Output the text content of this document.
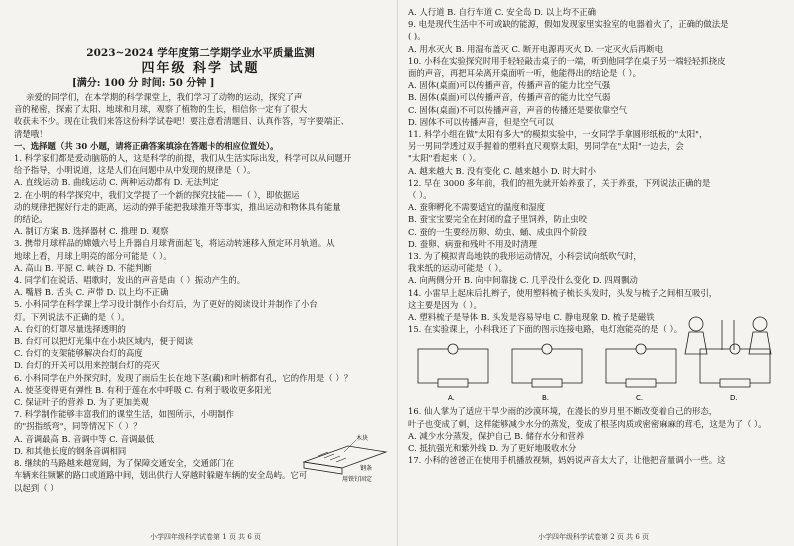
2023~2024 学年度第二学期学业水平质量监测
四年级 科学 试题
[满分: 100 分 时间: 50 分钟 ]
亲爱的同学们，在本学期的科学课堂上，我们学习了动物的运动，探究了声
音的秘密，探索了太阳、地球和月球，观察了植物的生长，相信你一定有了很大
收获未不少。现在让我们来答这份科学试卷吧！要注意看清题目、认真作答，写字要端正、
清楚哦！
一、选择题（共 30 小题，请将正确答案填涂在答题卡的相应位置处）。
1. 科学家们都是爱动脑筋的人，这是科学的前提，我们从生活实际出发，科学可以从问题开
给予指导，小明说道，这是人们在问题中从中发现的规律是（ ）。
A. 直线运动 B. 曲线运动 C. 两种运动都有 D. 无法判定
2. 在小明的科学探究中，我们文学提了一个新的探究技能——（ ），即依据运
动的规律把握好行走的距离，运动的弹手能把我球推开等事实，推出运动和物体具有能量
的结论。
A. 制订方案 B. 选择器材 C. 推理 D. 观察
3. 携带月球样品的嫦娥六号上升器自月球背面起飞，将运动转速移入预定环月轨道。从
地球上看，月球上明亮的部分可能是（ ）。
A. 高山 B. 平原 C. 峡谷 D. 不能判断
4. 同学们在说话、唱歌时，发出的声音是由（ ）振动产生的。
A. 嘴唇 B. 舌头 C. 声带 D. 以上均不正确
5. 小科同学在科学课上学习设计制作小台灯后，为了更好的阅读设计并制作了小台
灯。下列说法不正确的是（ ）。
A. 台灯的灯罩尽量选择透明的
B. 台灯可以把灯光集中在小块区域内，便于阅读
C. 台灯的支架能够解决台灯的高度
D. 台灯的开关可以用来控制台灯的亮灭
6. 小科同学在户外探究时，发现了雨后生长在地下茎(藕)和叶柄都有孔，它的作用是（ ）？
A. 使茎变得更有弹性 B. 有利于莲在水中呼吸 C. 有利于吸收更多阳光
C. 保证叶子的营养 D. 为了更加美观
7. 科学制作能够丰富我们的课堂生活，如图所示，小明制作
的"拐指纸弯"，同等情况下（ ）？
A. 音调最高 B. 音调中等 C. 音调最低
D. 和其他长度的钢条音调相同
8. 继续的马路越来越宽阔，为了保障交通安全，交通部门在
车辆来往频繁的路口或道路中间，划出供行人穿越时躲避车辆的安全岛屿。它可
以起到（ ）
木块
钢条
用铁钉固定
小学四年级科学试卷第 1 页 共 6 页
A. 人行道 B. 自行车道 C. 安全岛 D. 以上均不正确
9. 电是现代生活中不可或缺的能源，假如发现家里实验室的电器着火了，正确的做法是
( )。
A. 用水灭火 B. 用湿布盖灭 C. 断开电源再灭火 D. 一定灭火后再断电
10. 小科在实验探究时用手轻轻敲击桌子的一端，听到他同学在桌子另一端轻轻抓挠皮
面的声音，再把耳朵离开桌面听一听，他能得出的结论是（ ）。
A. 固体(桌面)可以传播声音，传播声音的能力比空气强
B. 固体(桌面)可以传播声音，传播声音的能力比空气弱
C. 固体(桌面)不可以传播声音，声音的传播还是要依靠空气
D. 固体不可以传播声音，但是空气可以
11. 科学小组在做"太阳有多大"的模拟实验中，一女同学手拿圆形纸板的"太阳"，
另一男同学透过双手握着的塑料直尺观察太阳，男同学在"太阳"一边去，会
"太阳"看起来（ ）。
A. 越来越大 B. 没有变化 C. 越来越小 D. 时大时小
12. 早在 3000 多年前，我们的祖先就开始养蚕了，关于养蚕，下列说法正确的是
（ ）。
A. 蚕卵孵化不需要适宜的温度和湿度
B. 蚕宝宝要完全在封闭的盒子里饲养，防止虫咬
C. 蚕的一生要经历卵、幼虫、蛹、成虫四个阶段
D. 蚕卵、病蚕和残叶不用及时清理
13. 为了模拟青岛地铁的我形运动情况，小科尝试向纸吹气时，
我来纸的运动可能是（ ）。
A. 向两侧分开 B. 向中间靠拢 C. 几乎没什么变化 D. 四周飘动
14. 小雷早上起床后扎辫子，使用塑料梳子梳长头发时，头发与梳子之间相互吸引，
这主要是因为（ ）。
A. 塑料梳子是导体 B. 头发是容易导电 C. 静电现象 D. 梳子是磁铁
15. 在实验课上，小科我还了下面的图示连接电路，电灯泡能亮的是（ ）。
A.	B.	C.	D.
16. 仙人掌为了适应干旱少雨的沙漠环境，在漫长的岁月里不断改变着自己的形态，
叶子也变成了刺，这样能够减少水分的蒸发，变成了根茎肉质或密密麻麻的茸毛，这是为了（ ）。
A. 减少水分蒸发，保护自己 B. 储存水分和营养
C. 抵抗强光和紫外线 D. 为了更好地吸收水分
17. 小科的爸爸正在使用手机播放视频，妈妈说声音太大了，让他把音量调小一些。这
小学四年级科学试卷第 2 页 共 6 页
